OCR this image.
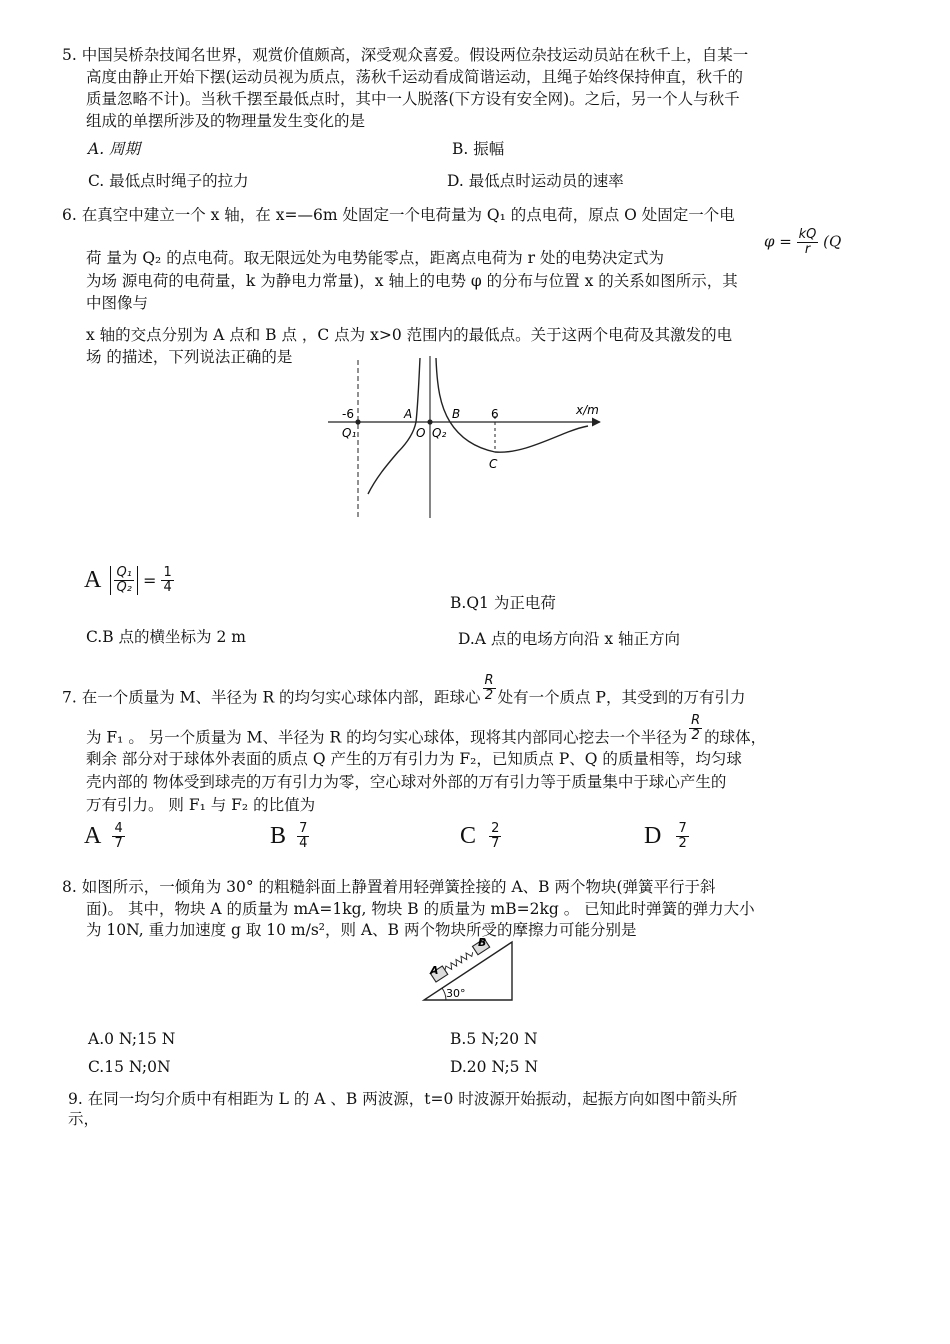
5. 中国吴桥杂技闻名世界，观赏价值颇高，深受观众喜爱。假设两位杂技运动员站在秋千上，自某一
高度由静止开始下摆(运动员视为质点，荡秋千运动看成简谐运动，且绳子始终保持伸直，秋千的
质量忽略不计)。当秋千摆至最低点时，其中一人脱落(下方设有安全网)。之后，另一个人与秋千
组成的单摆所涉及的物理量发生变化的是
A. 周期	B. 振幅
C. 最低点时绳子的拉力	D. 最低点时运动员的速率
6. 在真空中建立一个 x 轴，在 x=—6m 处固定一个电荷量为 Q₁ 的点电荷，原点 O 处固定一个电
荷 量为 Q₂ 的点电荷。取无限远处为电势能零点，距离点电荷为 r 处的电势决定式为
$\varphi = \frac{kQ}{r} (Q$
为场 源电荷的电荷量，k 为静电力常量)，x 轴上的电势 φ 的分布与位置 x 的关系如图所示，其
中图像与
x 轴的交点分别为 A 点和 B 点 ，C 点为 x>0 范围内的最低点。关于这两个电荷及其激发的电
场 的描述，下列说法正确的是
-6
Q₁
A
O Q₂
B	6
C
x/m
A $\frac{\text{Q₁}}{\text{Q₂}} = \frac{1}{4}$
B.Q1 为正电荷
C.B 点的横坐标为 2 m	D.A 点的电场方向沿 x 轴正方向
7. 在一个质量为 M、半径为 R 的均匀实心球体内部，距球心 $\frac{R}{2}$ 处有一个质点 P，其受到的万有引力
为 F₁ 。 另一个质量为 M、半径为 R 的均匀实心球体，现将其内部同心挖去一个半径为 $\frac{R}{2}$ 的球体，
剩余 部分对于球体外表面的质点 Q 产生的万有引力为 F₂，已知质点 P、Q 的质量相等，均匀球
壳内部的 物体受到球壳的万有引力为零，空心球对外部的万有引力等于质量集中于球心产生的
万有引力。 则 F₁ 与 F₂ 的比值为
A $\frac{4}{7}$	B $\frac{7}{4}$	C $\frac{2}{7}$	D $\frac{7}{2}$
8. 如图所示，一倾角为 30° 的粗糙斜面上静置着用轻弹簧拴接的 A、B 两个物块(弹簧平行于斜
面)。 其中，物块 A 的质量为 mA=1kg, 物块 B 的质量为 mB=2kg 。 已知此时弹簧的弹力大小
为 10N, 重力加速度 g 取 10 m/s²，则 A、B 两个物块所受的摩擦力可能分别是
A
B
30°
A.0 N;15 N	B.5 N;20 N
C.15 N;0N	D.20 N;5 N
9. 在同一均匀介质中有相距为 L 的 A 、B 两波源，t=0 时波源开始振动，起振方向如图中箭头所
示，
